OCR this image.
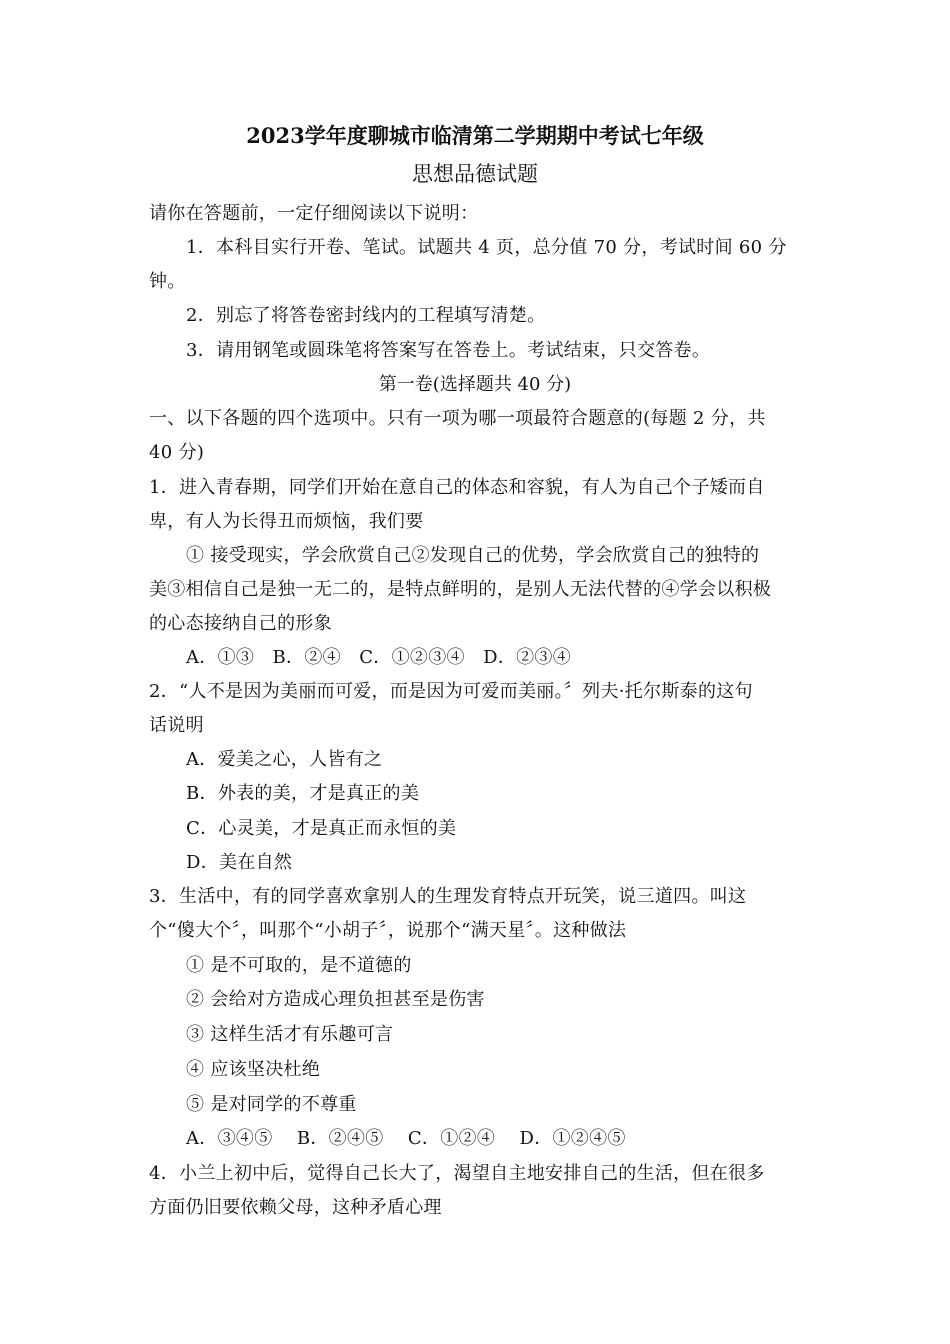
2023学年度聊城市临清第二学期期中考试七年级
思想品德试题
请你在答题前，一定仔细阅读以下说明：
1．本科目实行开卷、笔试。试题共 4 页，总分值 70 分，考试时间 60 分
钟。
2．别忘了将答卷密封线内的工程填写清楚。
3．请用钢笔或圆珠笔将答案写在答卷上。考试结束，只交答卷。
第一卷(选择题共 40 分)
一、以下各题的四个选项中。只有一项为哪一项最符合题意的(每题 2 分，共
40 分)
1．进入青春期，同学们开始在意自己的体态和容貌，有人为自己个子矮而自
卑，有人为长得丑而烦恼，我们要
① 接受现实，学会欣赏自己②发现自己的优势，学会欣赏自己的独特的
美③相信自己是独一无二的，是特点鲜明的，是别人无法代替的④学会以积极
的心态接纳自己的形象
A．①③　B．②④　C．①②③④　D．②③④
2．“人不是因为美丽而可爱，而是因为可爱而美丽。〞列夫·托尔斯泰的这句
话说明
A．爱美之心，人皆有之
B．外表的美，才是真正的美
C．心灵美，才是真正而永恒的美
D．美在自然
3．生活中，有的同学喜欢拿别人的生理发育特点开玩笑，说三道四。叫这
个“傻大个〞，叫那个“小胡子〞，说那个“满天星〞。这种做法
① 是不可取的，是不道德的
② 会给对方造成心理负担甚至是伤害
③ 这样生活才有乐趣可言
④ 应该坚决杜绝
⑤ 是对同学的不尊重
A．③④⑤　 B．②④⑤　 C．①②④　 D．①②④⑤
4．小兰上初中后，觉得自己长大了，渴望自主地安排自己的生活，但在很多
方面仍旧要依赖父母，这种矛盾心理
